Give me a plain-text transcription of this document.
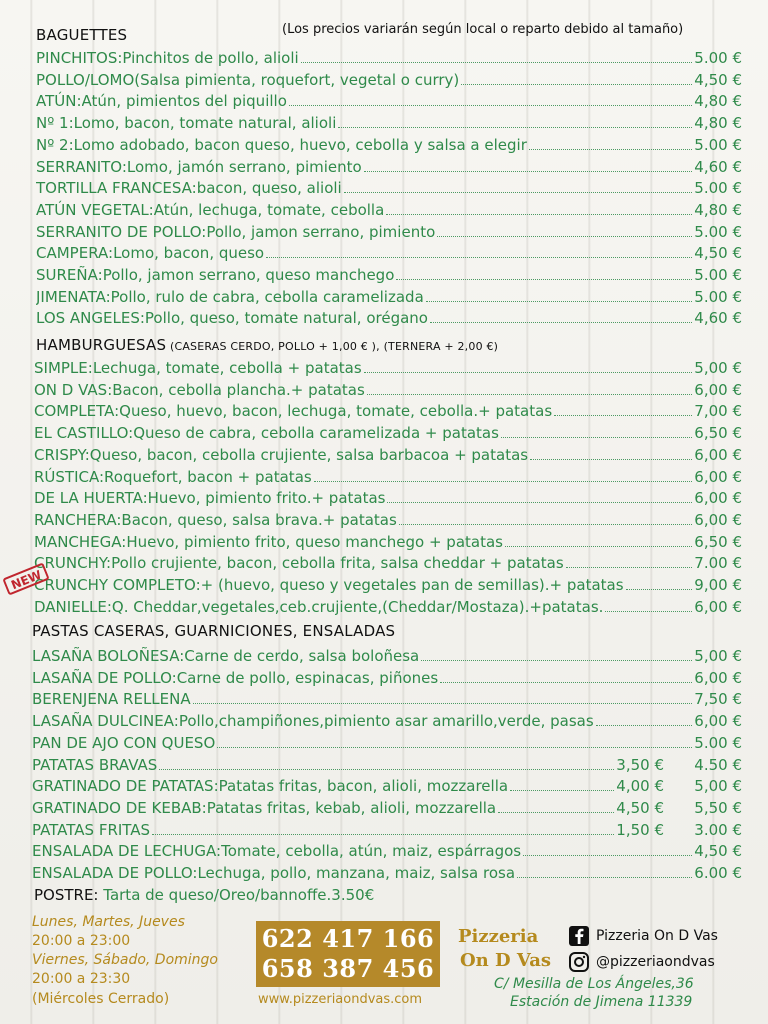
BAGUETTES	(Los precios variarán según local o reparto debido al tamaño)
PINCHITOS: Pinchitos de pollo, alioli	5.00 €
POLLO/LOMO (Salsa pimienta, roquefort, vegetal o curry)	4,50 €
ATÚN: Atún, pimientos del piquillo	4,80 €
Nº 1: Lomo, bacon, tomate natural, alioli	4,80 €
Nº 2: Lomo adobado, bacon queso, huevo, cebolla y salsa a elegir	5.00 €
SERRANITO: Lomo, jamón serrano, pimiento	4,60 €
TORTILLA FRANCESA: bacon, queso, alioli	5.00 €
ATÚN VEGETAL: Atún, lechuga, tomate, cebolla	4,80 €
SERRANITO DE POLLO: Pollo, jamon serrano, pimiento	5.00 €
CAMPERA: Lomo, bacon, queso	4,50 €
SUREÑA: Pollo, jamon serrano, queso manchego	5.00 €
JIMENATA: Pollo, rulo de cabra, cebolla caramelizada	5.00 €
LOS ANGELES: Pollo, queso, tomate natural, orégano	4,60 €
HAMBURGUESAS (CASERAS CERDO, POLLO + 1,00 € ), (TERNERA + 2,00 €)
SIMPLE: Lechuga, tomate, cebolla + patatas	5,00 €
ON D VAS: Bacon, cebolla plancha.+ patatas	6,00 €
COMPLETA: Queso, huevo, bacon, lechuga, tomate, cebolla.+ patatas	7,00 €
EL CASTILLO: Queso de cabra, cebolla caramelizada + patatas	6,50 €
CRISPY: Queso, bacon, cebolla crujiente, salsa barbacoa + patatas	6,00 €
RÚSTICA: Roquefort, bacon + patatas	6,00 €
DE LA HUERTA: Huevo, pimiento frito.+ patatas	6,00 €
RANCHERA: Bacon, queso, salsa brava.+ patatas	6,00 €
MANCHEGA: Huevo, pimiento frito, queso manchego + patatas	6,50 €
CRUNCHY: Pollo crujiente, bacon, cebolla frita, salsa cheddar + patatas	7.00 €
CRUNCHY COMPLETO: + (huevo, queso y vegetales pan de semillas).+ patatas	9,00 €
DANIELLE: Q. Cheddar,vegetales,ceb.crujiente,(Cheddar/Mostaza).+patatas.	6,00 €
NEW
PASTAS CASERAS, GUARNICIONES, ENSALADAS
LASAÑA BOLOÑESA: Carne de cerdo, salsa boloñesa	5,00 €
LASAÑA DE POLLO: Carne de pollo, espinacas, piñones	6,00 €
BERENJENA RELLENA	7,50 €
LASAÑA DULCINEA: Pollo,champiñones,pimiento asar amarillo,verde, pasas	6,00 €
PAN DE AJO CON QUESO	5.00 €
PATATAS BRAVAS	3,50 €	4.50 €
GRATINADO DE PATATAS: Patatas fritas, bacon, alioli, mozzarella	4,00 €	5,00 €
GRATINADO DE KEBAB: Patatas fritas, kebab, alioli, mozzarella	4,50 €	5,50 €
PATATAS FRITAS	1,50 €	3.00 €
ENSALADA DE LECHUGA: Tomate, cebolla, atún, maiz, espárragos	4,50 €
ENSALADA DE POLLO: Lechuga, pollo, manzana, maiz, salsa rosa	6.00 €
POSTRE: Tarta de queso/Oreo/bannoffe.3.50€
Lunes, Martes, Jueves
20:00 a 23:00
Viernes, Sábado, Domingo
20:00 a 23:30
(Miércoles Cerrado)
622 417 166
658 387 456
www.pizzeriaondvas.com
Pizzeria
On D Vas
Pizzeria On D Vas
@pizzeriaondvas
C/ Mesilla de Los Ángeles,36
Estación de Jimena 11339
